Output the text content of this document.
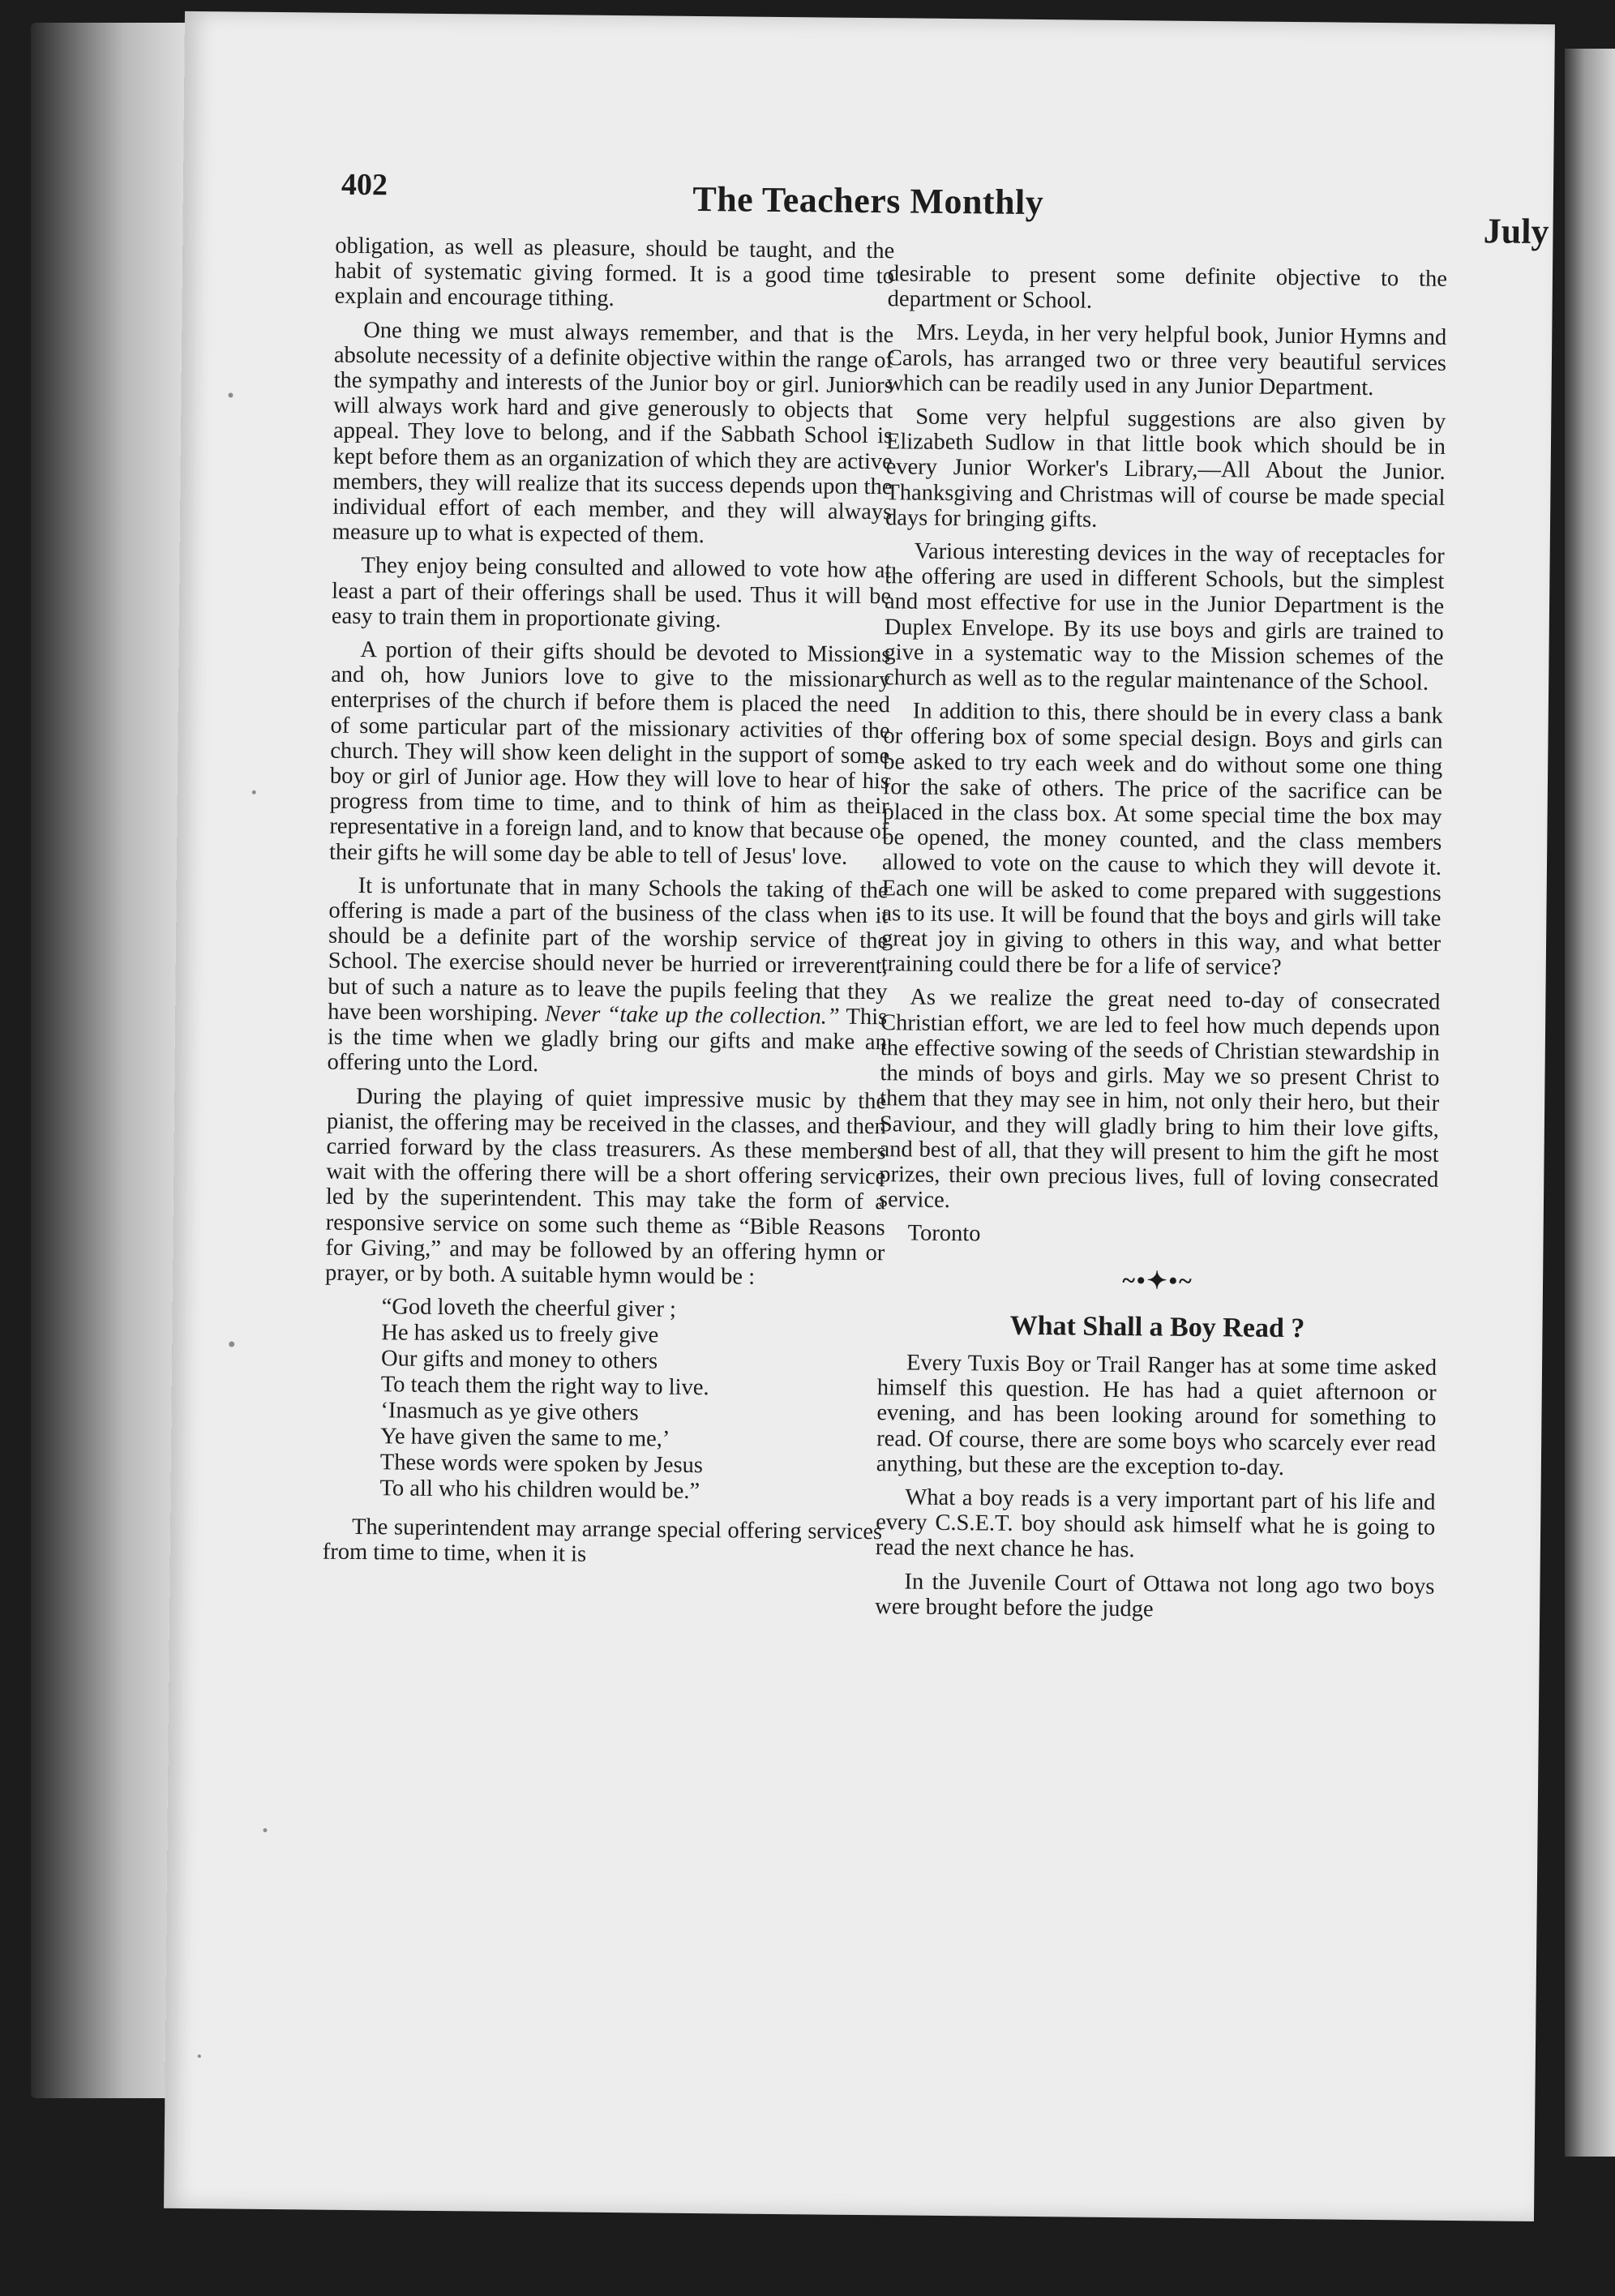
402	The Teachers Monthly
July

obligation, as well as pleasure, should be taught, and the habit of systematic giving formed. It is a good time to explain and encourage tithing.

One thing we must always remember, and that is the absolute necessity of a definite objective within the range of the sympathy and interests of the Junior boy or girl. Juniors will always work hard and give generously to objects that appeal. They love to belong, and if the Sabbath School is kept before them as an organization of which they are active members, they will realize that its success depends upon the individual effort of each member, and they will always measure up to what is expected of them.

They enjoy being consulted and allowed to vote how at least a part of their offerings shall be used. Thus it will be easy to train them in proportionate giving.

A portion of their gifts should be devoted to Missions and oh, how Juniors love to give to the missionary enterprises of the church if before them is placed the need of some particular part of the missionary activities of the church. They will show keen delight in the support of some boy or girl of Junior age. How they will love to hear of his progress from time to time, and to think of him as their representative in a foreign land, and to know that because of their gifts he will some day be able to tell of Jesus' love.

It is unfortunate that in many Schools the taking of the offering is made a part of the business of the class when it should be a definite part of the worship service of the School. The exercise should never be hurried or irreverent, but of such a nature as to leave the pupils feeling that they have been worshiping. Never “take up the collection.” This is the time when we gladly bring our gifts and make an offering unto the Lord.

During the playing of quiet impressive music by the pianist, the offering may be received in the classes, and then carried forward by the class treasurers. As these members wait with the offering there will be a short offering service led by the superintendent. This may take the form of a responsive service on some such theme as “Bible Reasons for Giving,” and may be followed by an offering hymn or prayer, or by both. A suitable hymn would be :

“God loveth the cheerful giver ;
He has asked us to freely give
Our gifts and money to others
To teach them the right way to live.
‘Inasmuch as ye give others
Ye have given the same to me,’
These words were spoken by Jesus
To all who his children would be.”

The superintendent may arrange special offering services from time to time, when it is

desirable to present some definite objective to the department or School.

Mrs. Leyda, in her very helpful book, Junior Hymns and Carols, has arranged two or three very beautiful services which can be readily used in any Junior Department.

Some very helpful suggestions are also given by Elizabeth Sudlow in that little book which should be in every Junior Worker's Library,—All About the Junior. Thanksgiving and Christmas will of course be made special days for bringing gifts.

Various interesting devices in the way of receptacles for the offering are used in different Schools, but the simplest and most effective for use in the Junior Department is the Duplex Envelope. By its use boys and girls are trained to give in a systematic way to the Mission schemes of the church as well as to the regular maintenance of the School.

In addition to this, there should be in every class a bank or offering box of some special design. Boys and girls can be asked to try each week and do without some one thing for the sake of others. The price of the sacrifice can be placed in the class box. At some special time the box may be opened, the money counted, and the class members allowed to vote on the cause to which they will devote it. Each one will be asked to come prepared with suggestions as to its use. It will be found that the boys and girls will take great joy in giving to others in this way, and what better training could there be for a life of service?

As we realize the great need to-day of consecrated Christian effort, we are led to feel how much depends upon the effective sowing of the seeds of Christian stewardship in the minds of boys and girls. May we so present Christ to them that they may see in him, not only their hero, but their Saviour, and they will gladly bring to him their love gifts, and best of all, that they will present to him the gift he most prizes, their own precious lives, full of loving consecrated service.

Toronto

~•✦•~
What Shall a Boy Read ?

Every Tuxis Boy or Trail Ranger has at some time asked himself this question. He has had a quiet afternoon or evening, and has been looking around for something to read. Of course, there are some boys who scarcely ever read anything, but these are the exception to-day.

What a boy reads is a very important part of his life and every C.S.E.T. boy should ask himself what he is going to read the next chance he has.

In the Juvenile Court of Ottawa not long ago two boys were brought before the judge
